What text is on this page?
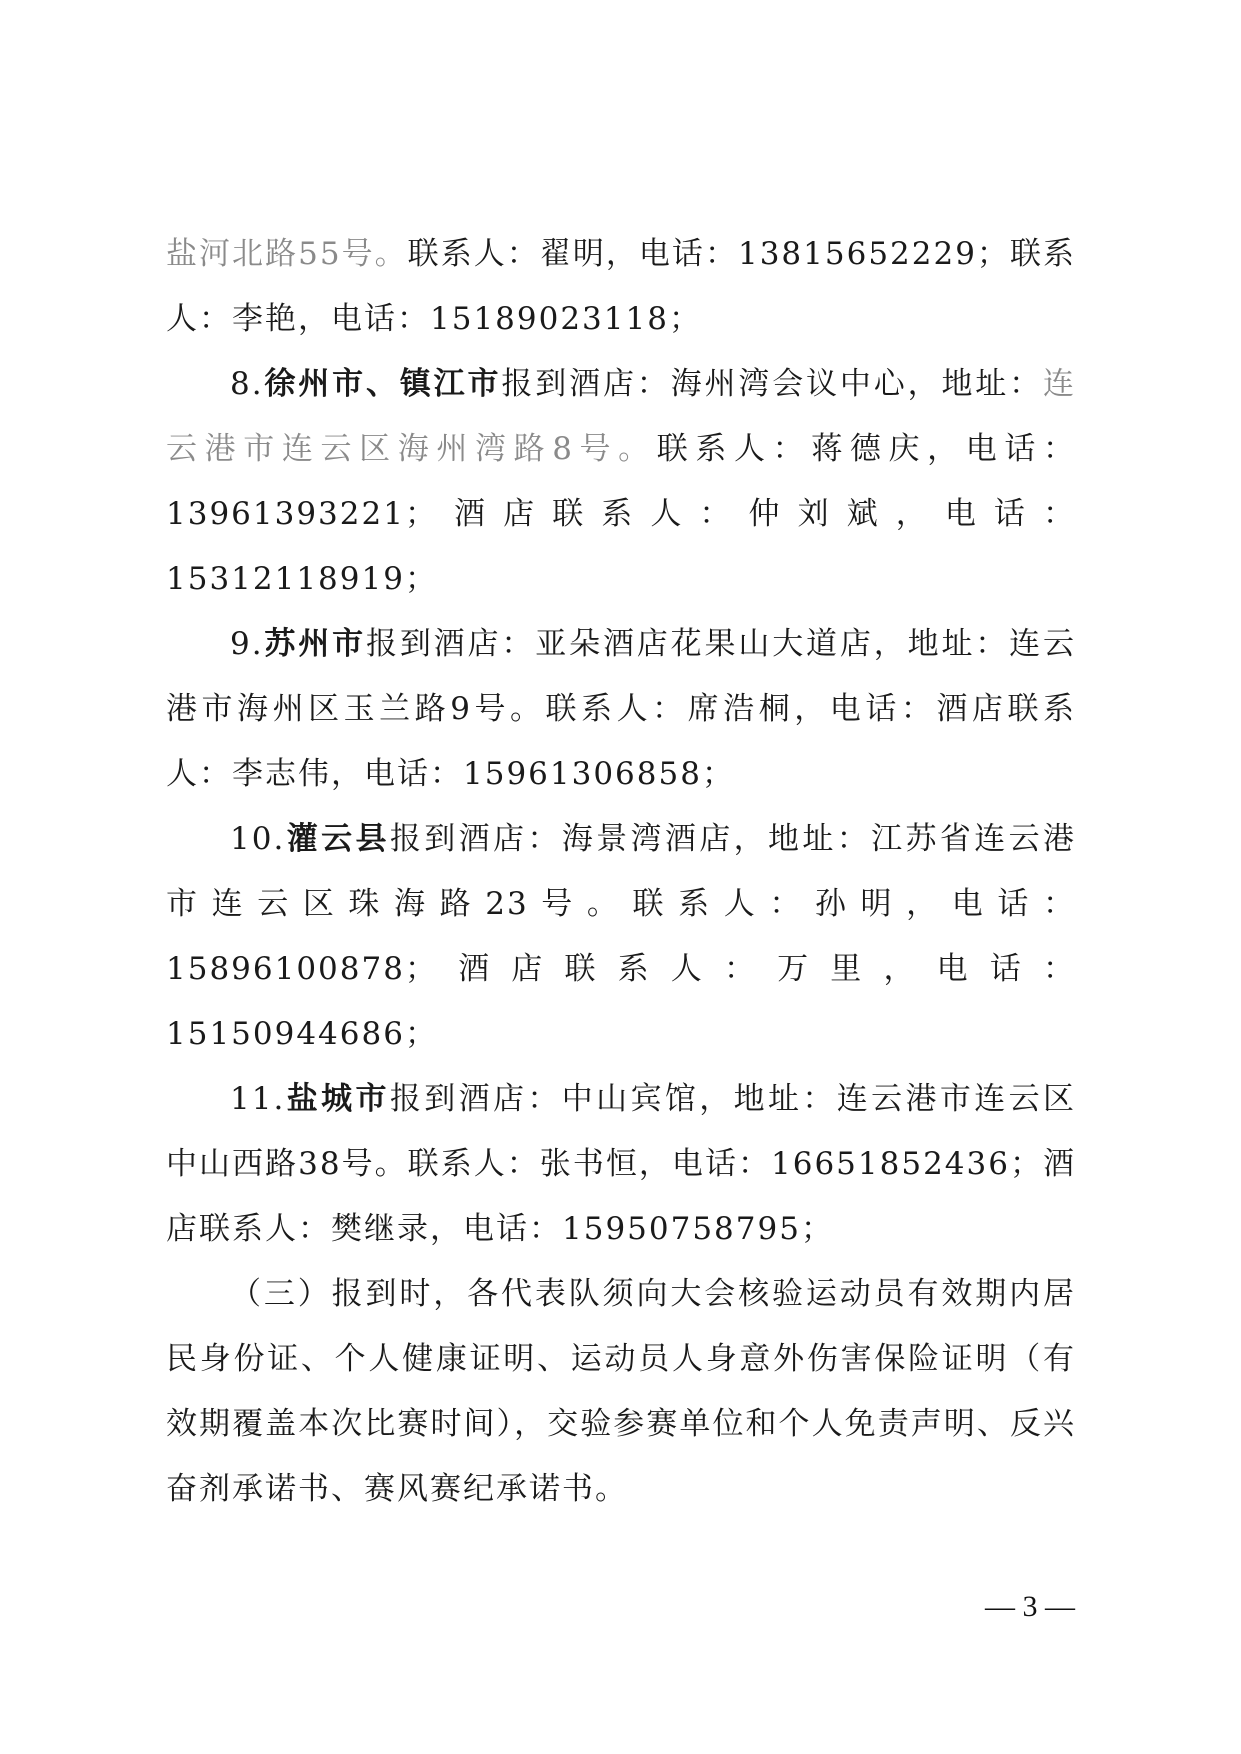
盐河北路55号。联系人：翟明，电话：13815652229；联系人：李艳，电话：15189023118；

8.徐州市、镇江市报到酒店：海州湾会议中心，地址：连云港市连云区海州湾路8号。联系人：蒋德庆，电话：13961393221；酒店联系人：仲刘斌，电话：15312118919；

9.苏州市报到酒店：亚朵酒店花果山大道店，地址：连云港市海州区玉兰路9号。联系人：席浩桐，电话：酒店联系人：李志伟，电话：15961306858；

10.灌云县报到酒店：海景湾酒店，地址：江苏省连云港市连云区珠海路23号。联系人：孙明，电话：15896100878；酒店联系人：万里，电话：15150944686；

11.盐城市报到酒店：中山宾馆，地址：连云港市连云区中山西路38号。联系人：张书恒，电话：16651852436；酒店联系人：樊继录，电话：15950758795；

（三）报到时，各代表队须向大会核验运动员有效期内居民身份证、个人健康证明、运动员人身意外伤害保险证明（有效期覆盖本次比赛时间），交验参赛单位和个人免责声明、反兴奋剂承诺书、赛风赛纪承诺书。

— 3 —
